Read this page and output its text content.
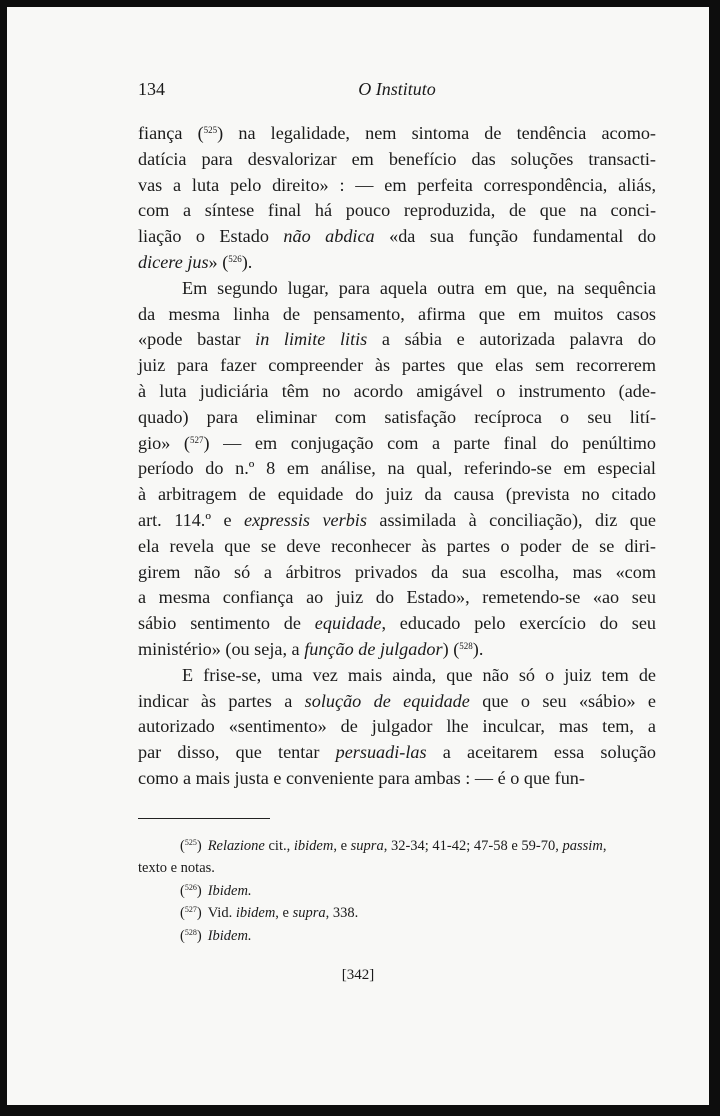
134	O Instituto
fiança ($^{525}$) na legalidade, nem sintoma de tendência acomo-
datícia para desvalorizar em benefício das soluções transacti-
vas a luta pelo direito» : — em perfeita correspondência, aliás,
com a síntese final há pouco reproduzida, de que na conci-
liação o Estado não abdica «da sua função fundamental do
dicere jus» ($^{526}$).
Em segundo lugar, para aquela outra em que, na sequência
da mesma linha de pensamento, afirma que em muitos casos
«pode bastar in limite litis a sábia e autorizada palavra do
juiz para fazer compreender às partes que elas sem recorrerem
à luta judiciária têm no acordo amigável o instrumento (ade-
quado) para eliminar com satisfação recíproca o seu lití-
gio» ($^{527}$) — em conjugação com a parte final do penúltimo
período do n.º 8 em análise, na qual, referindo-se em especial
à arbitragem de equidade do juiz da causa (prevista no citado
art. 114.º e expressis verbis assimilada à conciliação), diz que
ela revela que se deve reconhecer às partes o poder de se diri-
girem não só a árbitros privados da sua escolha, mas «com
a mesma confiança ao juiz do Estado», remetendo-se «ao seu
sábio sentimento de equidade, educado pelo exercício do seu
ministério» (ou seja, a função de julgador) ($^{528}$).
E frise-se, uma vez mais ainda, que não só o juiz tem de
indicar às partes a solução de equidade que o seu «sábio» e
autorizado «sentimento» de julgador lhe inculcar, mas tem, a
par disso, que tentar persuadi-las a aceitarem essa solução
como a mais justa e conveniente para ambas : — é o que fun-
($^{525}$) Relazione cit., ibidem, e supra, 32-34; 41-42; 47-58 e 59-70, passim,
texto e notas.
($^{526}$) Ibidem.
($^{527}$) Vid. ibidem, e supra, 338.
($^{528}$) Ibidem.
[342]
